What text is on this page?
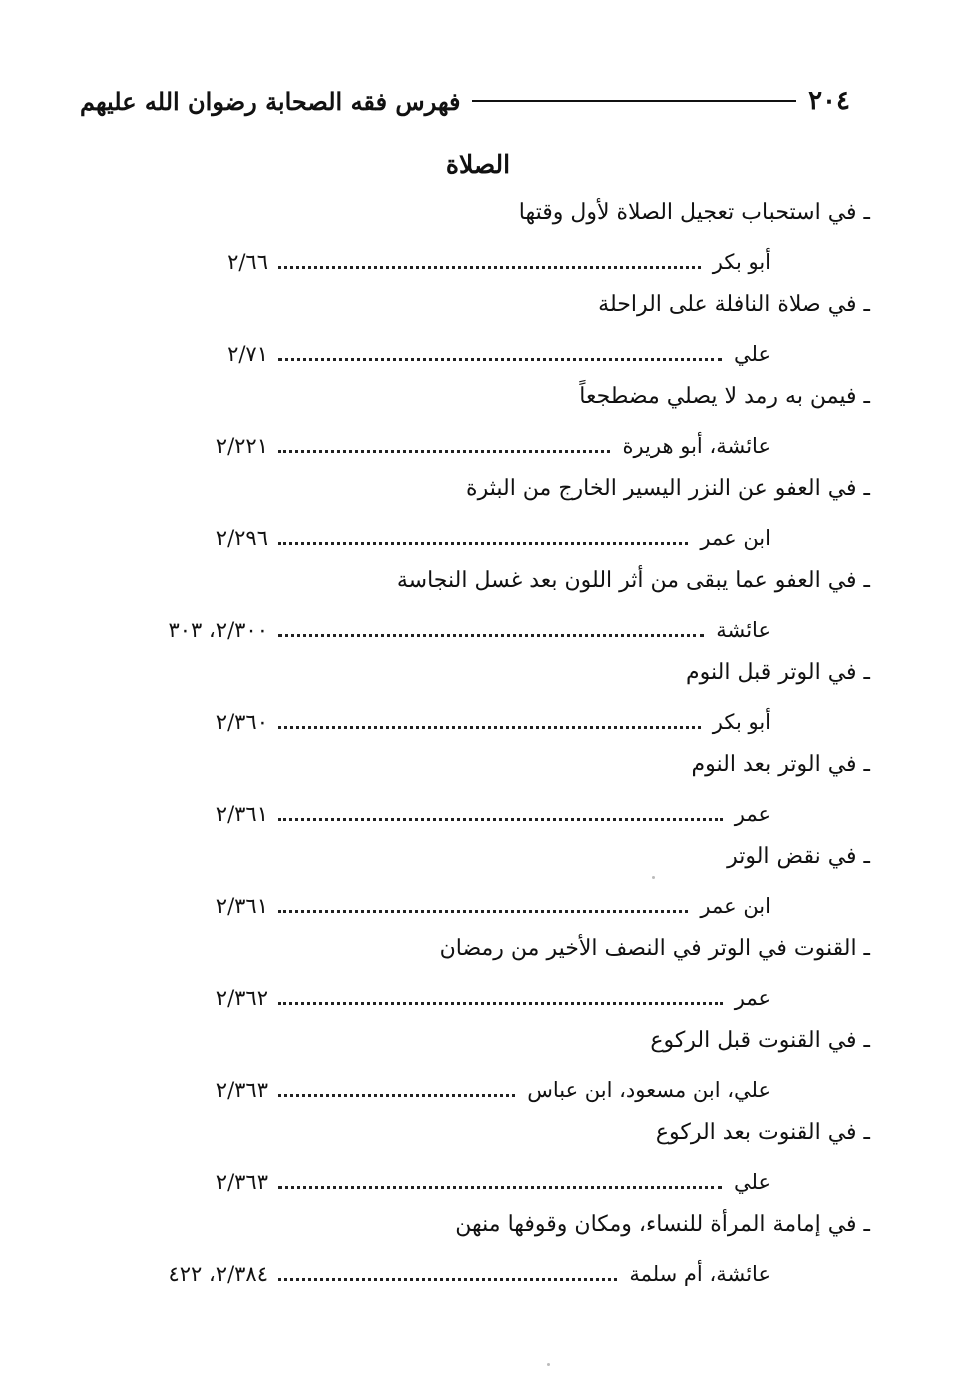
٢٠٤
فهرس فقه الصحابة رضوان الله عليهم
الصلاة
ـ في استحباب تعجيل الصلاة لأول وقتها
أبو بكر
٢/٦٦
ـ في صلاة النافلة على الراحلة
علي
٢/٧١
ـ فيمن به رمد لا يصلي مضطجعاً
عائشة، أبو هريرة
٢/٢٢١
ـ في العفو عن النزر اليسير الخارج من البثرة
ابن عمر
٢/٢٩٦
ـ في العفو عما يبقى من أثر اللون بعد غسل النجاسة
عائشة
٢/٣٠٠، ٣٠٣
ـ في الوتر قبل النوم
أبو بكر
٢/٣٦٠
ـ في الوتر بعد النوم
عمر
٢/٣٦١
ـ في نقض الوتر
ابن عمر
٢/٣٦١
ـ القنوت في الوتر في النصف الأخير من رمضان
عمر
٢/٣٦٢
ـ في القنوت قبل الركوع
علي، ابن مسعود، ابن عباس
٢/٣٦٣
ـ في القنوت بعد الركوع
علي
٢/٣٦٣
ـ في إمامة المرأة للنساء، ومكان وقوفها منهن
عائشة، أم سلمة
٢/٣٨٤، ٤٢٢
